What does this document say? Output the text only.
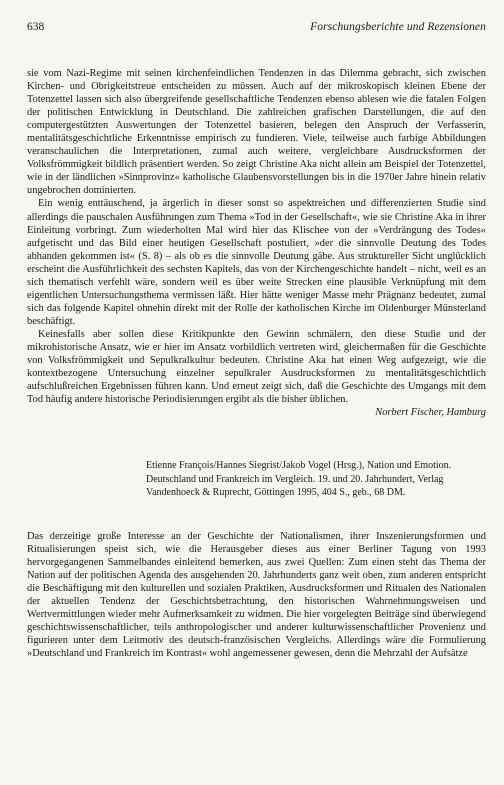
638	Forschungsberichte und Rezensionen

sie vom Nazi-Regime mit seinen kirchenfeindlichen Tendenzen in das Dilemma gebracht, sich zwischen Kirchen- und Obrigkeitstreue entscheiden zu müssen. Auch auf der mikroskopisch kleinen Ebene der Totenzettel lassen sich also übergreifende gesellschaftliche Tendenzen ebenso ablesen wie die fatalen Folgen der politischen Entwicklung in Deutschland. Die zahlreichen grafischen Darstellungen, die auf den computergestützten Auswertungen der Totenzettel basieren, belegen den Anspruch der Verfasserin, mentalitätsgeschichtliche Erkenntnisse empirisch zu fundieren. Viele, teilweise auch farbige Abbildungen veranschaulichen die Interpretationen, zumal auch weitere, vergleichbare Ausdrucksformen der Volksfrömmigkeit bildlich präsentiert werden. So zeigt Christine Aka nicht allein am Beispiel der Totenzettel, wie in der ländlichen »Sinnprovinz« katholische Glaubensvorstellungen bis in die 1970er Jahre hinein relativ ungebrochen dominierten.

Ein wenig enttäuschend, ja ärgerlich in dieser sonst so aspektreichen und differenzierten Studie sind allerdings die pauschalen Ausführungen zum Thema »Tod in der Gesellschaft«, wie sie Christine Aka in ihrer Einleitung vorbringt. Zum wiederholten Mal wird hier das Klischee von der »Verdrängung des Todes« aufgetischt und das Bild einer heutigen Gesellschaft postuliert, »der die sinnvolle Deutung des Todes abhanden gekommen ist« (S. 8) – als ob es die sinnvolle Deutung gäbe. Aus struktureller Sicht unglücklich erscheint die Ausführlichkeit des sechsten Kapitels, das von der Kirchengeschichte handelt – nicht, weil es an sich thematisch verfehlt wäre, sondern weil es über weite Strecken eine plausible Verknüpfung mit dem eigentlichen Untersuchungsthema vermissen läßt. Hier hätte weniger Masse mehr Prägnanz bedeutet, zumal sich das folgende Kapitel ohnehin direkt mit der Rolle der katholischen Kirche im Oldenburger Münsterland beschäftigt.

Keinesfalls aber sollen diese Kritikpunkte den Gewinn schmälern, den diese Studie und der mikrohistorische Ansatz, wie er hier im Ansatz vorbildlich vertreten wird, gleichermaßen für die Geschichte von Volksfrömmigkeit und Sepulkralkultur bedeuten. Christine Aka hat einen Weg aufgezeigt, wie die kontextbezogene Untersuchung einzelner sepulkraler Ausdrucksformen zu mentalitätsgeschichtlich aufschlußreichen Ergebnissen führen kann. Und erneut zeigt sich, daß die Geschichte des Umgangs mit dem Tod häufig andere historische Periodisierungen ergibt als die bisher üblichen.

Norbert Fischer, Hamburg

Etienne François/Hannes Siegrist/Jakob Vogel (Hrsg.), Nation und Emotion.

Deutschland und Frankreich im Vergleich. 19. und 20. Jahrhundert, Verlag

Vandenhoeck & Ruprecht, Göttingen 1995, 404 S., geb., 68 DM.

Das derzeitige große Interesse an der Geschichte der Nationalismen, ihrer Inszenierungsformen und Ritualisierungen speist sich, wie die Herausgeber dieses aus einer Berliner Tagung von 1993 hervorgegangenen Sammelbandes einleitend bemerken, aus zwei Quellen: Zum einen steht das Thema der Nation auf der politischen Agenda des ausgehenden 20. Jahrhunderts ganz weit oben, zum anderen entspricht die Beschäftigung mit den kulturellen und sozialen Praktiken, Ausdrucksformen und Ritualen des Nationalen der aktuellen Tendenz der Geschichtsbetrachtung, den historischen Wahrnehmungsweisen und Wertvermittlungen wieder mehr Aufmerksamkeit zu widmen. Die hier vorgelegten Beiträge sind überwiegend geschichtswissenschaftlicher, teils anthropologischer und anderer kulturwissenschaftlicher Provenienz und figurieren unter dem Leitmotiv des deutsch-französischen Vergleichs. Allerdings wäre die Formulierung »Deutschland und Frankreich im Kontrast« wohl angemessener gewesen, denn die Mehrzahl der Aufsätze
